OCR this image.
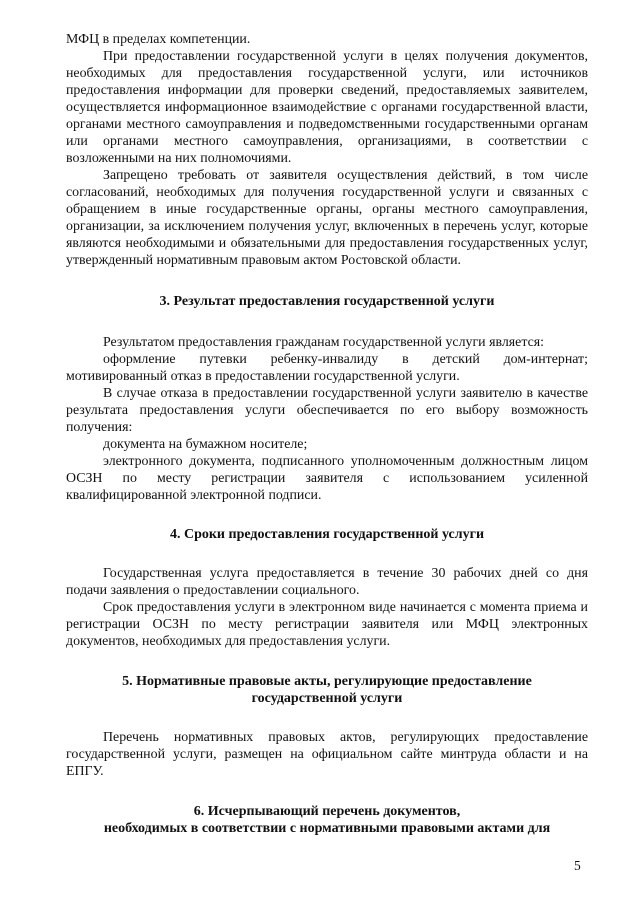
МФЦ в пределах компетенции.

При предоставлении государственной услуги в целях получения документов, необходимых для предоставления государственной услуги, или источников предоставления информации для проверки сведений, предоставляемых заявителем, осуществляется информационное взаимодействие с органами государственной власти, органами местного самоуправления и подведомственными государственными органам или органами местного самоуправления, организациями, в соответствии с возложенными на них полномочиями.

Запрещено требовать от заявителя осуществления действий, в том числе согласований, необходимых для получения государственной услуги и связанных с обращением в иные государственные органы, органы местного самоуправления, организации, за исключением получения услуг, включенных в перечень услуг, которые являются необходимыми и обязательными для предоставления государственных услуг, утвержденный нормативным правовым актом Ростовской области.

3. Результат предоставления государственной услуги

Результатом предоставления гражданам государственной услуги является:

оформление путевки ребенку-инвалиду в детский дом-интернат; мотивированный отказ в предоставлении государственной услуги.

В случае отказа в предоставлении государственной услуги заявителю в качестве результата предоставления услуги обеспечивается по его выбору возможность получения:

документа на бумажном носителе;

электронного документа, подписанного уполномоченным должностным лицом ОСЗН по месту регистрации заявителя с использованием усиленной квалифицированной электронной подписи.

4. Сроки предоставления государственной услуги

Государственная услуга предоставляется в течение 30 рабочих дней со дня подачи заявления о предоставлении социального.

Срок предоставления услуги в электронном виде начинается с момента приема и регистрации ОСЗН по месту регистрации заявителя или МФЦ электронных документов, необходимых для предоставления услуги.

5. Нормативные правовые акты, регулирующие предоставление
государственной услуги

Перечень нормативных правовых актов, регулирующих предоставление государственной услуги, размещен на официальном сайте минтруда области и на ЕПГУ.

6. Исчерпывающий перечень документов,
необходимых в соответствии с нормативными правовыми актами для
5
